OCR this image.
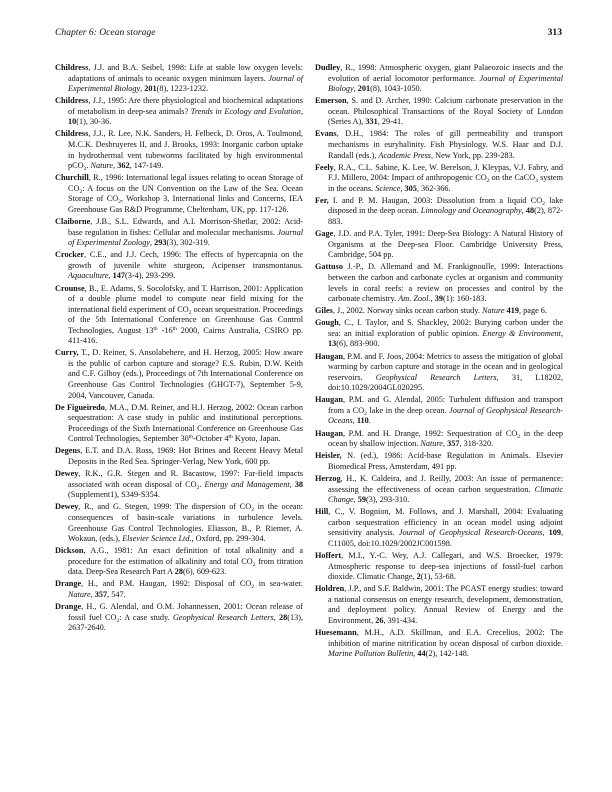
Chapter 6: Ocean storage	313
Childress, J.J. and B.A. Seibel, 1998: Life at stable low oxygen levels: adaptations of animals to oceanic oxygen minimum layers. Journal of Experimental Biology, 201(8), 1223-1232.
Childress, J.J., 1995: Are there physiological and biochemical adaptations of metabolism in deep-sea animals? Trends in Ecology and Evolution, 10(1), 30-36.
Childress, J.J., R. Lee, N.K. Sanders, H. Felbeck, D. Oros, A. Toulmond, M.C.K. Desbruyeres II, and J. Brooks, 1993: Inorganic carbon uptake in hydrothermal vent tubeworms facilitated by high environmental pCO$_2$. Nature, 362, 147-149.
Churchill, R., 1996: International legal issues relating to ocean Storage of $CO_2$: A focus on the UN Convention on the Law of the Sea. Ocean Storage of $CO_2$, Workshop 3, International links and Concerns, IEA Greenhouse Gas R&D Programme, Cheltenham, UK, pp. 117-126.
Claiborne, J.B., S.L. Edwards, and A.I. Morrison-Shetlar, 2002: Acid-base regulation in fishes: Cellular and molecular mechanisms. Journal of Experimental Zoology, 293(3), 302-319.
Crocker, C.E., and J.J. Cech, 1996: The effects of hypercapnia on the growth of juvenile white sturgeon, Acipenser transmontanus. Aquaculture, 147(3-4), 293-299.
Crounse, B., E. Adams, S. Socolofsky, and T. Harrison, 2001: Application of a double plume model to compute near field mixing for the international field experiment of $CO_2$ ocean sequestration. Proceedings of the 5th International Conference on Greenhouse Gas Control Technologies, August 13th -16th 2000, Cairns Australia, CSIRO pp. 411-416.
Curry, T., D. Reiner, S. Ansolabehere, and H. Herzog, 2005: How aware is the public of carbon capture and storage? E.S. Rubin, D.W. Keith and C.F. Gilboy (eds.), Proceedings of 7th International Conference on Greenhouse Gas Control Technologies (GHGT-7), September 5-9, 2004, Vancouver, Canada.
De Figueiredo, M.A., D.M. Reiner, and H.J. Herzog, 2002: Ocean carbon sequestration: A case study in public and institutional perceptions. Proceedings of the Sixth International Conference on Greenhouse Gas Control Technologies, September 30th-October 4th Kyoto, Japan.
Degens, E.T. and D.A. Ross, 1969: Hot Brines and Recent Heavy Metal Deposits in the Red Sea. Springer-Verlag, New York, 600 pp.
Dewey, R.K., G.R. Stegen and R. Bacastow, 1997: Far-field impacts associated with ocean disposal of $CO_2$. Energy and Management, 38 (Supplement1), S349-S354.
Dewey, R., and G. Stegen, 1999: The dispersion of $CO_2$ in the ocean: consequences of basin-scale variations in turbulence levels. Greenhouse Gas Control Technologies. Eliasson, B., P. Riemer, A. Wokaun, (eds.), Elsevier Science Ltd., Oxford, pp. 299-304.
Dickson, A.G., 1981: An exact definition of total alkalinity and a procedure for the estimation of alkalinity and total $CO_2$ from titration data. Deep-Sea Research Part A 28(6), 609-623.
Drange, H., and P.M. Haugan, 1992: Disposal of $CO_2$ in sea-water. Nature, 357, 547.
Drange, H., G. Alendal, and O.M. Johannessen, 2001: Ocean release of fossil fuel $CO_2$: A case study. Geophysical Research Letters, 28(13), 2637-2640.
Dudley, R., 1998: Atmospheric oxygen, giant Palaeozoic insects and the evolution of aerial locomotor performance. Journal of Experimental Biology, 201(8), 1043-1050.
Emerson, S. and D. Archer, 1990: Calcium carbonate preservation in the ocean. Philosophical Transactions of the Royal Society of London (Series A), 331, 29-41.
Evans, D.H., 1984: The roles of gill permeability and transport mechanisms in euryhalinity. Fish Physiology. W.S. Haar and D.J. Randall (eds.), Academic Press, New York, pp. 239-283.
Feely, R.A., C.L. Sabine, K. Lee, W. Berelson, J. Kleypas, V.J. Fabry, and F.J. Millero, 2004: Impact of anthropogenic $CO_2$ on the CaCO$_3$ system in the oceans. Science, 305, 362-366.
Fer, I. and P. M. Haugan, 2003: Dissolution from a liquid $CO_2$ lake disposed in the deep ocean. Limnology and Oceanography, 48(2), 872-883.
Gage, J.D. and P.A. Tyler, 1991: Deep-Sea Biology: A Natural History of Organisms at the Deep-sea Floor. Cambridge University Press, Cambridge, 504 pp.
Gattuso J.-P., D. Allemand and M. Frankignoulle, 1999: Interactions between the carbon and carbonate cycles at organism and community levels in coral reefs: a review on processes and control by the carbonate chemistry. Am. Zool., 39(1): 160-183.
Giles, J., 2002. Norway sinks ocean carbon study. Nature 419, page 6.
Gough, C., I. Taylor, and S. Shackley, 2002: Burying carbon under the sea: an initial exploration of public opinion. Energy & Environment, 13(6), 883-900.
Haugan, P.M. and F. Joos, 2004: Metrics to assess the mitigation of global warming by carbon capture and storage in the ocean and in geological reservoirs. Geophysical Research Letters, 31, L18202, doi:10.1029/2004GL020295.
Haugan, P.M. and G. Alendal, 2005: Turbulent diffusion and transport from a $CO_2$ lake in the deep ocean. Journal of Geophysical Research-Oceans, 110.
Haugan, P.M. and H. Drange, 1992: Sequestration of $CO_2$ in the deep ocean by shallow injection. Nature, 357, 318-320.
Heisler, N. (ed.), 1986: Acid-base Regulation in Animals. Elsevier Biomedical Press, Amsterdam, 491 pp.
Herzog, H., K. Caldeira, and J. Reilly, 2003: An issue of permanence: assessing the effectiveness of ocean carbon sequestration. Climatic Change, 59(3), 293-310.
Hill, C., V. Bognion, M. Follows, and J. Marshall, 2004: Evaluating carbon sequestration efficiency in an ocean model using adjoint sensitivity analysis. Journal of Geophysical Research-Oceans, 109, C11005, doi:10.1029/2002JC001598.
Hoffert, M.I., Y.-C. Wey, A.J. Callegari, and W.S. Broecker, 1979: Atmospheric response to deep-sea injections of fossil-fuel carbon dioxide. Climatic Change, 2(1), 53-68.
Holdren, J.P., and S.F. Baldwin, 2001: The PCAST energy studies: toward a national consensus on energy research, development, demonstration, and deployment policy. Annual Review of Energy and the Environment, 26, 391-434.
Huesemann, M.H., A.D. Skillman, and E.A. Crecelius, 2002: The inhibition of marine nitrification by ocean disposal of carbon dioxide. Marine Pollution Bulletin, 44(2), 142-148.
